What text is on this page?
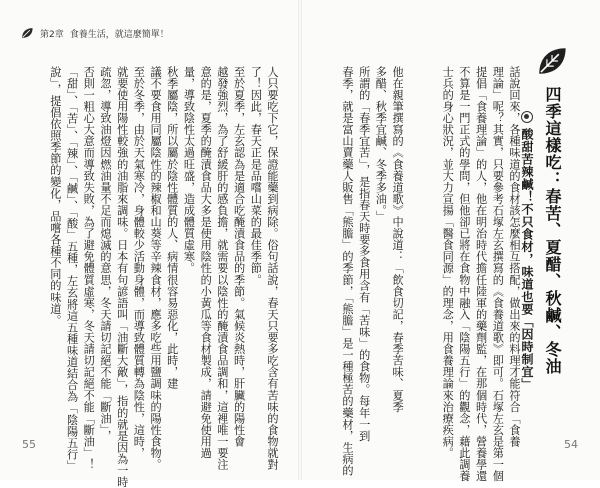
第2章 食養生活，就這麼簡單！
人只要吃下它，保證能藥到病除。俗句話說，春天只要多吃含有苦味的食物就對
了！因此，春天正是品嚐山菜的最佳季節。
至於夏季，左玄認為是適合吃醃漬食品的季節。氣候炎熱時，肝臟的陽性會
越發強烈，為了舒緩肝的感負擔，就需要以陰性的醃漬食品調和，這裡唯一要注
意的是，夏季的醃漬食品大多是使用陰性的小黃瓜等食材製成，請避免使用過
量，導致陰性太過旺盛，造成體質虛寒。
秋季屬陰，所以屬於陰性體質的人、病情很容易惡化，此時，建
議不要食用同屬陰性的辣椒和山葵等辛辣食材，應多吃些用鹽調味的陽性食物。
至於冬季，由於天氣寒冷，身體較少活動身體，而導致體質轉為陰性，這時，
就要使用陽性較強的油脂來調味。日本有句諺語叫「油斷大敵」，指的就是因為一時
疏忽，導致油燈因燃油量不足而熄滅的意思，冬天請切記絕不能「斷油」，
否則一粗心大意而導致失敗，為了避免體質虛寒，冬天請切記絕不能「斷油」！
「甜」、「苦」、「辣」、「鹹」、「酸」五種，左玄將這五種味道結合為「陰陽五行」
說」，提倡依照季節的變化，品嚐各種不同的味道。
55	話說回來，各種味道的食材該怎麼相互搭配，做出來的料理才能符合「食養
理論」呢？其實，只要參考石塚左玄撰寫的《食養道歌》即可。石塚左玄是第一個
提倡「食養理論」的人，他在明治時代擔任陸軍的藥劑監，在那個時代，營養學還
不算是一門正式的學問，但他卻已將在食物中融入「陰陽五行」的觀念，藉此調養
士兵的身心狀況，並大力宣揚「醫食同源」的理念，用食養理論來治療疾病。

他在親筆撰寫的《食養道歌》中說道：「飲食切記，春季苦味、夏季
多醋、秋季宜鹹、冬季多油。」
所謂的「春季宜苦」，是指春天時要多食用含有「苦味」的食物。每年一到
春季，就是富山賣藥人販售「熊膽」的季節，「熊膽」是一種極苦的藥材，生病的	54
四季這樣吃：春苦、夏醋、秋鹹、冬油
酸甜苦辣鹹！不只食材，味道也要「因時制宜」
